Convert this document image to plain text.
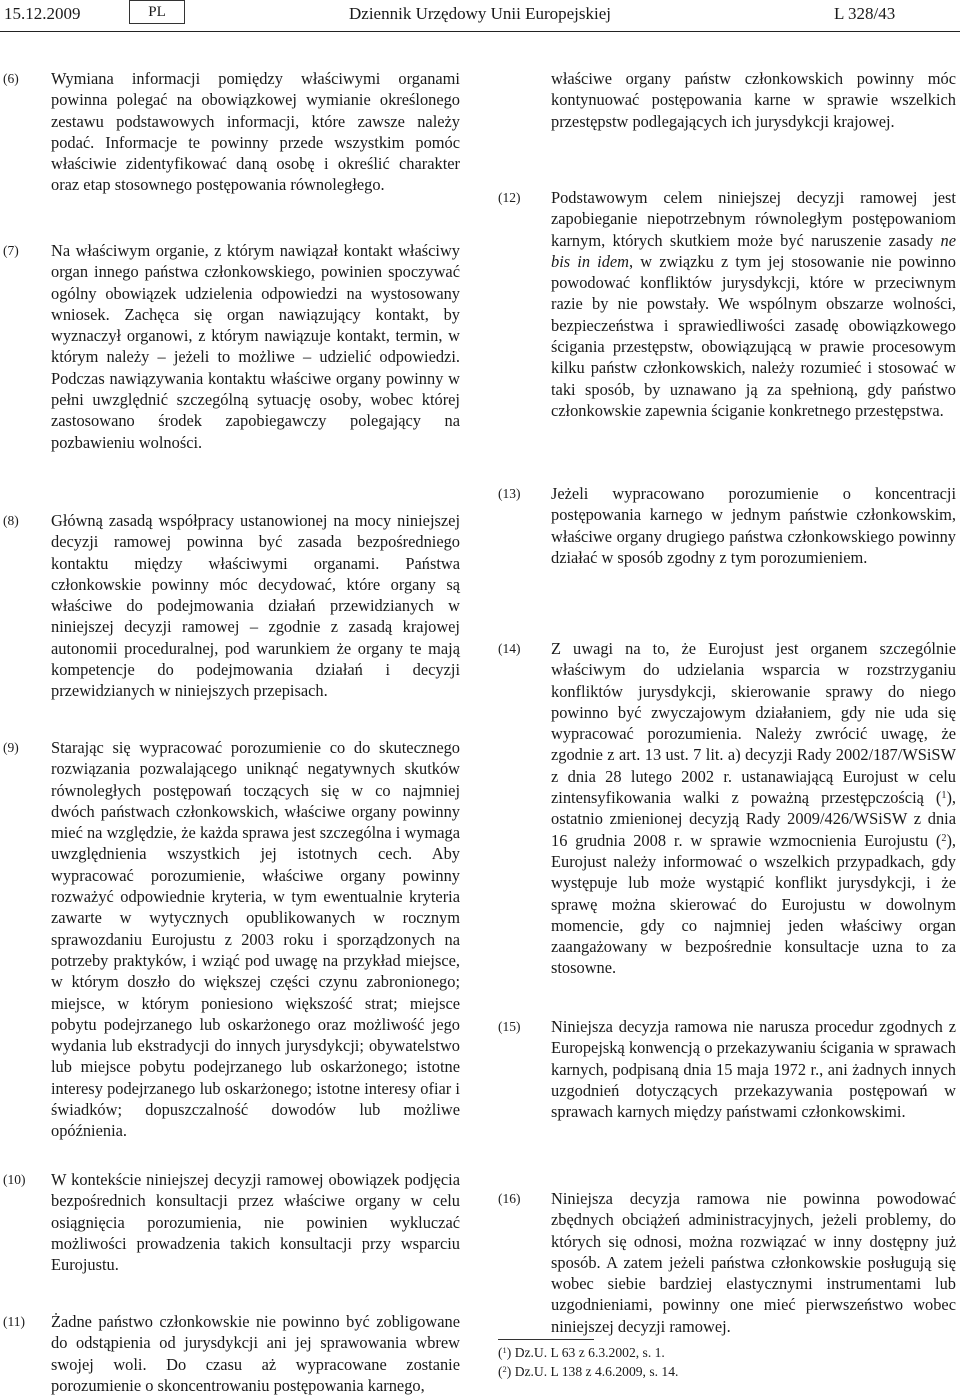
15.12.2009	PL	Dziennik Urzędowy Unii Europejskiej	L 328/43
(6)	Wymiana informacji pomiędzy właściwymi organami powinna polegać na obowiązkowej wymianie określonego zestawu podstawowych informacji, które zawsze należy podać. Informacje te powinny przede wszystkim pomóc właściwie zidentyfikować daną osobę i określić charakter oraz etap stosownego postępowania równoległego.
(7)	Na właściwym organie, z którym nawiązał kontakt właściwy organ innego państwa członkowskiego, powinien spoczywać ogólny obowiązek udzielenia odpowiedzi na wystosowany wniosek. Zachęca się organ nawiązujący kontakt, by wyznaczył organowi, z którym nawiązuje kontakt, termin, w którym należy – jeżeli to możliwe – udzielić odpowiedzi. Podczas nawiązywania kontaktu właściwe organy powinny w pełni uwzględnić szczególną sytuację osoby, wobec której zastosowano środek zapobiegawczy polegający na pozbawieniu wolności.
(8)	Główną zasadą współpracy ustanowionej na mocy niniejszej decyzji ramowej powinna być zasada bezpośredniego kontaktu między właściwymi organami. Państwa członkowskie powinny móc decydować, które organy są właściwe do podejmowania działań przewidzianych w niniejszej decyzji ramowej – zgodnie z zasadą krajowej autonomii proceduralnej, pod warunkiem że organy te mają kompetencje do podejmowania działań i decyzji przewidzianych w niniejszych przepisach.
(9)	Starając się wypracować porozumienie co do skutecznego rozwiązania pozwalającego uniknąć negatywnych skutków równoległych postępowań toczących się w co najmniej dwóch państwach członkowskich, właściwe organy powinny mieć na względzie, że każda sprawa jest szczególna i wymaga uwzględnienia wszystkich jej istotnych cech. Aby wypracować porozumienie, właściwe organy powinny rozważyć odpowiednie kryteria, w tym ewentualnie kryteria zawarte w wytycznych opublikowanych w rocznym sprawozdaniu Eurojustu z 2003 roku i sporządzonych na potrzeby praktyków, i wziąć pod uwagę na przykład miejsce, w którym doszło do większej części czynu zabronionego; miejsce, w którym poniesiono większość strat; miejsce pobytu podejrzanego lub oskarżonego oraz możliwość jego wydania lub ekstradycji do innych jurysdykcji; obywatelstwo lub miejsce pobytu podejrzanego lub oskarżonego; istotne interesy podejrzanego lub oskarżonego; istotne interesy ofiar i świadków; dopuszczalność dowodów lub możliwe opóźnienia.
(10)	W kontekście niniejszej decyzji ramowej obowiązek podjęcia bezpośrednich konsultacji przez właściwe organy w celu osiągnięcia porozumienia, nie powinien wykluczać możliwości prowadzenia takich konsultacji przy wsparciu Eurojustu.
(11)	Żadne państwo członkowskie nie powinno być zobligowane do odstąpienia od jurysdykcji ani jej sprawowania wbrew swojej woli. Do czasu aż wypracowane zostanie porozumienie o skoncentrowaniu postępowania karnego,
właściwe organy państw członkowskich powinny móc kontynuować postępowania karne w sprawie wszelkich przestępstw podlegających ich jurysdykcji krajowej.
(12)	Podstawowym celem niniejszej decyzji ramowej jest zapobieganie niepotrzebnym równoległym postępowaniom karnym, których skutkiem może być naruszenie zasady ne bis in idem, w związku z tym jej stosowanie nie powinno powodować konfliktów jurysdykcji, które w przeciwnym razie by nie powstały. We wspólnym obszarze wolności, bezpieczeństwa i sprawiedliwości zasadę obowiązkowego ścigania przestępstw, obowiązującą w prawie procesowym kilku państw członkowskich, należy rozumieć i stosować w taki sposób, by uznawano ją za spełnioną, gdy państwo członkowskie zapewnia ściganie konkretnego przestępstwa.
(13)	Jeżeli wypracowano porozumienie o koncentracji postępowania karnego w jednym państwie członkowskim, właściwe organy drugiego państwa członkowskiego powinny działać w sposób zgodny z tym porozumieniem.
(14)	Z uwagi na to, że Eurojust jest organem szczególnie właściwym do udzielania wsparcia w rozstrzyganiu konfliktów jurysdykcji, skierowanie sprawy do niego powinno być zwyczajowym działaniem, gdy nie uda się wypracować porozumienia. Należy zwrócić uwagę, że zgodnie z art. 13 ust. 7 lit. a) decyzji Rady 2002/187/WSiSW z dnia 28 lutego 2002 r. ustanawiającą Eurojust w celu zintensyfikowania walki z poważną przestępczością ($^1$), ostatnio zmienionej decyzją Rady 2009/426/WSiSW z dnia 16 grudnia 2008 r. w sprawie wzmocnienia Eurojustu ($^2$), Eurojust należy informować o wszelkich przypadkach, gdy występuje lub może wystąpić konflikt jurysdykcji, i że sprawę można skierować do Eurojustu w dowolnym momencie, gdy co najmniej jeden właściwy organ zaangażowany w bezpośrednie konsultacje uzna to za stosowne.
(15)	Niniejsza decyzja ramowa nie narusza procedur zgodnych z Europejską konwencją o przekazywaniu ścigania w sprawach karnych, podpisaną dnia 15 maja 1972 r., ani żadnych innych uzgodnień dotyczących przekazywania postępowań w sprawach karnych między państwami członkowskimi.
(16)	Niniejsza decyzja ramowa nie powinna powodować zbędnych obciążeń administracyjnych, jeżeli problemy, do których się odnosi, można rozwiązać w inny dostępny już sposób. A zatem jeżeli państwa członkowskie posługują się wobec siebie bardziej elastycznymi instrumentami lub uzgodnieniami, powinny one mieć pierwszeństwo wobec niniejszej decyzji ramowej.
($^1$) Dz.U. L 63 z 6.3.2002, s. 1.
($^2$) Dz.U. L 138 z 4.6.2009, s. 14.
